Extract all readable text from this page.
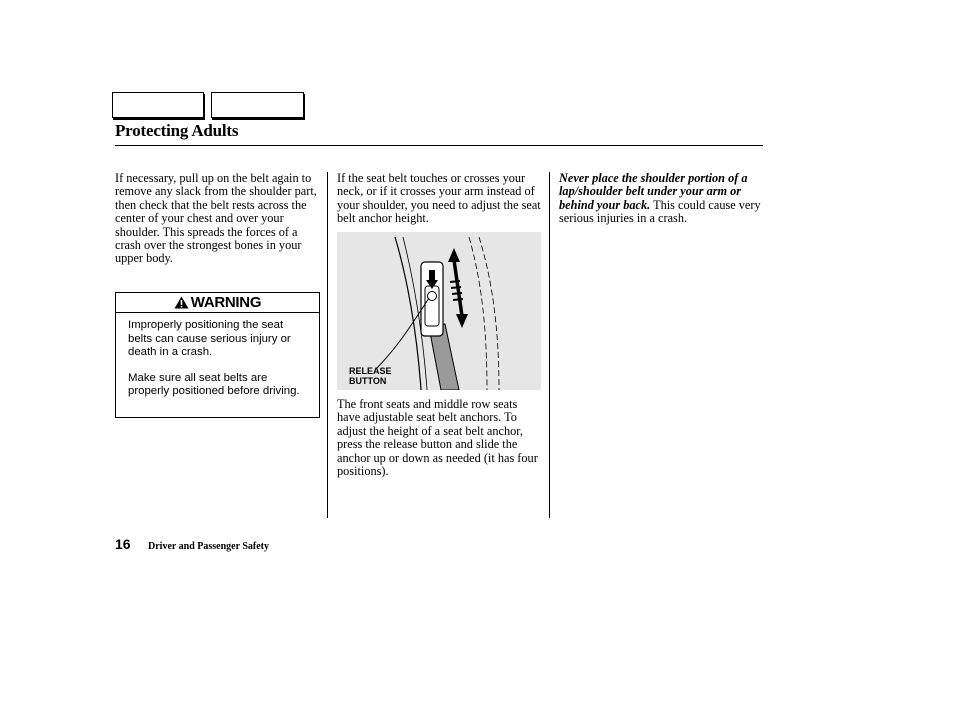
Protecting Adults
If necessary, pull up on the belt again to remove any slack from the shoulder part, then check that the belt rests across the center of your chest and over your shoulder. This spreads the forces of a crash over the strongest bones in your upper body.
WARNING

Improperly positioning the seat belts can cause serious injury or death in a crash.

Make sure all seat belts are properly positioned before driving.

If the seat belt touches or crosses your neck, or if it crosses your arm instead of your shoulder, you need to adjust the seat belt anchor height.
RELEASE
BUTTON
The front seats and middle row seats have adjustable seat belt anchors. To adjust the height of a seat belt anchor, press the release button and slide the anchor up or down as needed (it has four positions).
Never place the shoulder portion of a lap/shoulder belt under your arm or behind your back. This could cause very serious injuries in a crash.
16 Driver and Passenger Safety
